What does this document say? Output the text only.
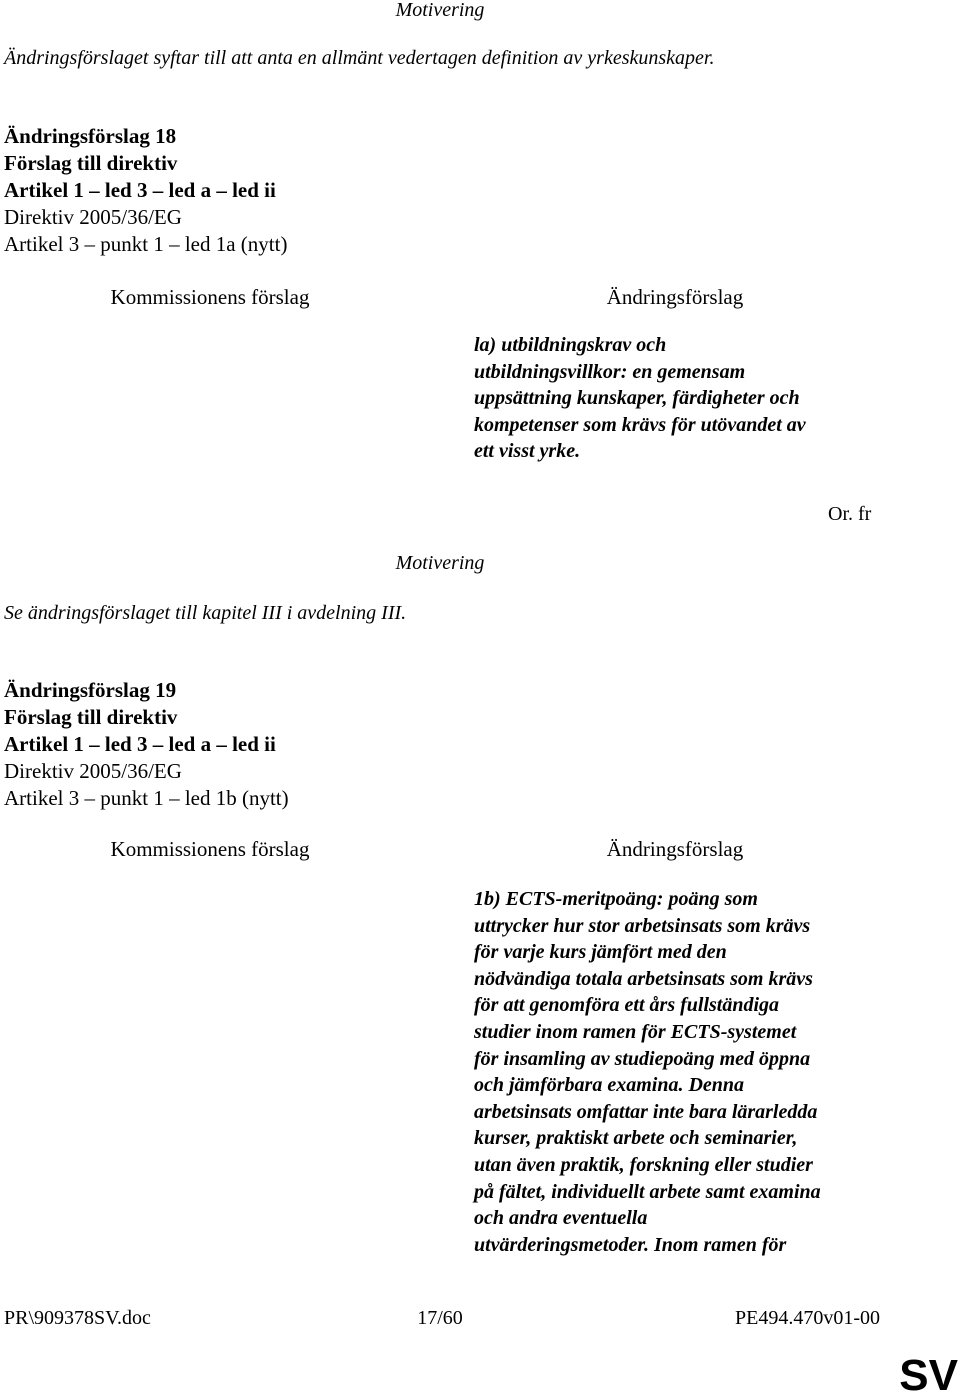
Motivering
Ändringsförslaget syftar till att anta en allmänt vedertagen definition av yrkeskunskaper.
Ändringsförslag 18
Förslag till direktiv
Artikel 1 – led 3 – led a – led ii
Direktiv 2005/36/EG
Artikel 3 – punkt 1 – led 1a (nytt)
Kommissionens förslag	Ändringsförslag
la) utbildningskrav och
utbildningsvillkor: en gemensam
uppsättning kunskaper, färdigheter och
kompetenser som krävs för utövandet av
ett visst yrke.
Or. fr
Motivering
Se ändringsförslaget till kapitel III i avdelning III.
Ändringsförslag 19
Förslag till direktiv
Artikel 1 – led 3 – led a – led ii
Direktiv 2005/36/EG
Artikel 3 – punkt 1 – led 1b (nytt)
Kommissionens förslag	Ändringsförslag
1b) ECTS-meritpoäng: poäng som
uttrycker hur stor arbetsinsats som krävs
för varje kurs jämfört med den
nödvändiga totala arbetsinsats som krävs
för att genomföra ett års fullständiga
studier inom ramen för ECTS-systemet
för insamling av studiepoäng med öppna
och jämförbara examina. Denna
arbetsinsats omfattar inte bara lärarledda
kurser, praktiskt arbete och seminarier,
utan även praktik, forskning eller studier
på fältet, individuellt arbete samt examina
och andra eventuella
utvärderingsmetoder. Inom ramen för
PR\909378SV.doc	17/60	PE494.470v01-00
SV
